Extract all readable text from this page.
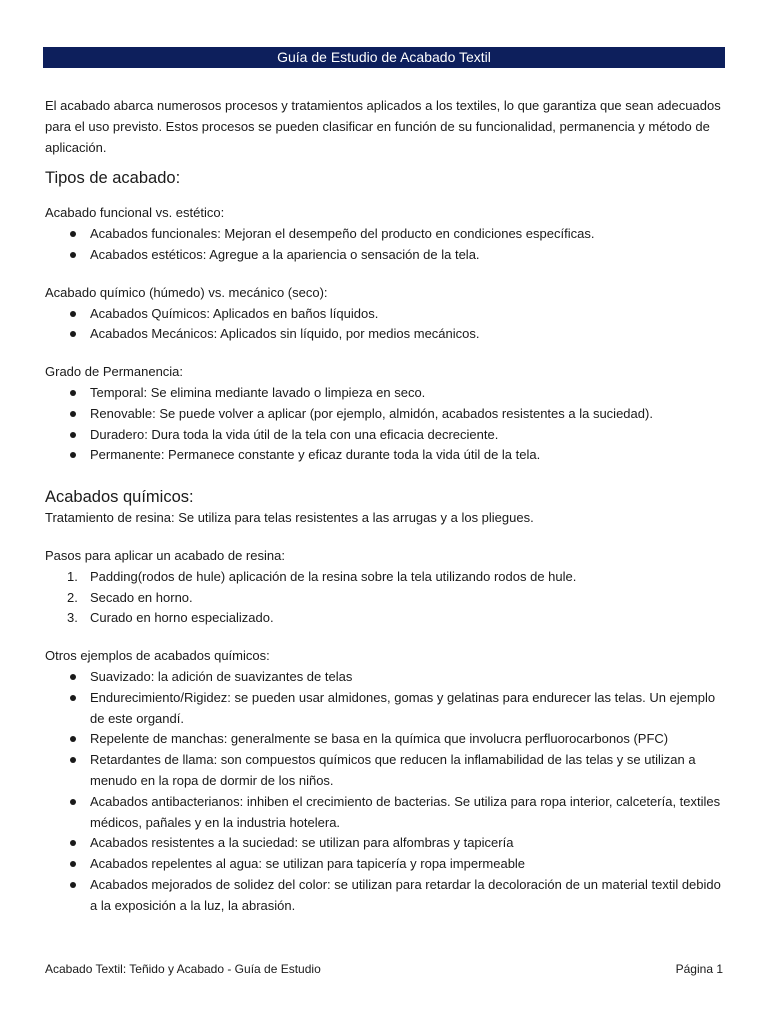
Guía de Estudio de Acabado Textil

El acabado abarca numerosos procesos y tratamientos aplicados a los textiles, lo que garantiza que sean adecuados para el uso previsto. Estos procesos se pueden clasificar en función de su funcionalidad, permanencia y método de aplicación.

Tipos de acabado:

Acabado funcional vs. estético:

Acabados funcionales: Mejoran el desempeño del producto en condiciones específicas.
Acabados estéticos: Agregue a la apariencia o sensación de la tela.

Acabado químico (húmedo) vs. mecánico (seco):

Acabados Químicos: Aplicados en baños líquidos.
Acabados Mecánicos: Aplicados sin líquido, por medios mecánicos.

Grado de Permanencia:

Temporal: Se elimina mediante lavado o limpieza en seco.
Renovable: Se puede volver a aplicar (por ejemplo, almidón, acabados resistentes a la suciedad).
Duradero: Dura toda la vida útil de la tela con una eficacia decreciente.
Permanente: Permanece constante y eficaz durante toda la vida útil de la tela.
Acabados químicos:

Tratamiento de resina: Se utiliza para telas resistentes a las arrugas y a los pliegues.

Pasos para aplicar un acabado de resina:

1. Padding(rodos de hule) aplicación de la resina sobre la tela utilizando rodos de hule.
2. Secado en horno.
3. Curado en horno especializado.

Otros ejemplos de acabados químicos:

Suavizado: la adición de suavizantes de telas
Endurecimiento/Rigidez: se pueden usar almidones, gomas y gelatinas para endurecer las telas. Un ejemplo de este organdí.
Repelente de manchas: generalmente se basa en la química que involucra perfluorocarbonos (PFC)
Retardantes de llama: son compuestos químicos que reducen la inflamabilidad de las telas y se utilizan a menudo en la ropa de dormir de los niños.
Acabados antibacterianos: inhiben el crecimiento de bacterias. Se utiliza para ropa interior, calcetería, textiles médicos, pañales y en la industria hotelera.
Acabados resistentes a la suciedad: se utilizan para alfombras y tapicería
Acabados repelentes al agua: se utilizan para tapicería y ropa impermeable
Acabados mejorados de solidez del color: se utilizan para retardar la decoloración de un material textil debido a la exposición a la luz, la abrasión.
Acabado Textil: Teñido y Acabado - Guía de Estudio	Página 1
